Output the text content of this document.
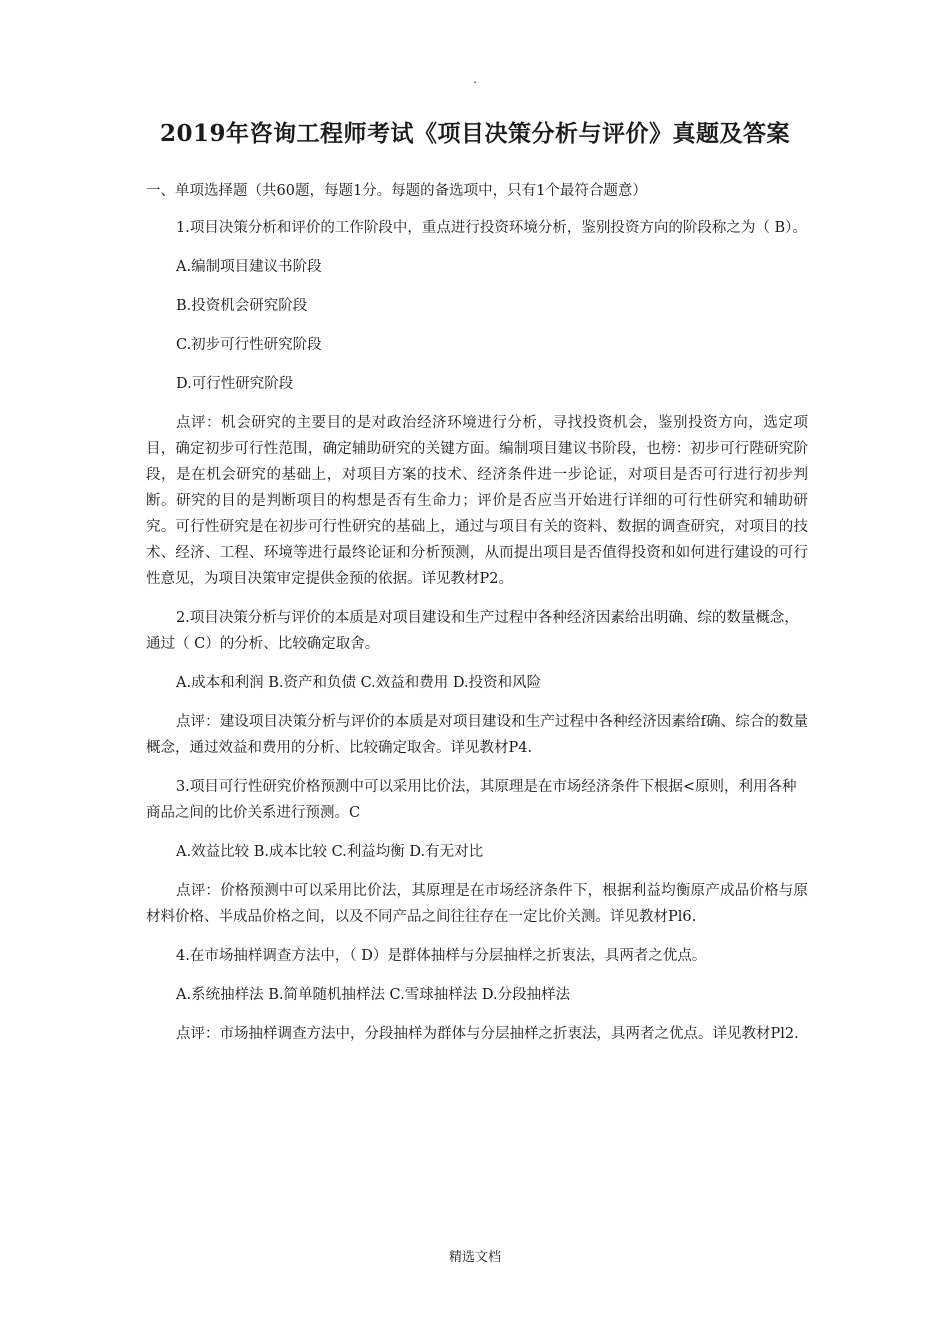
.
2019年咨询工程师考试《项目决策分析与评价》真题及答案

一、单项选择题（共60题，每题1分。每题的备选项中，只有1个最符合题意）

1.项目决策分析和评价的工作阶段中，重点进行投资环境分析，鉴别投资方向的阶段称之为（ B）。

A.编制项目建议书阶段

B.投资机会研究阶段

C.初步可行性研究阶段

D.可行性研究阶段

点评：机会研究的主要目的是对政治经济环境进行分析，寻找投资机会，鉴别投资方向，选定项目，确定初步可行性范围，确定辅助研究的关键方面。编制项目建议书阶段，也榜：初步可行陛研究阶段，是在机会研究的基础上，对项目方案的技术、经济条件进一步论证，对项目是否可行进行初步判断。研究的目的是判断项目的构想是否有生命力；评价是否应当开始进行详细的可行性研究和辅助研究。可行性研究是在初步可行性研究的基础上，通过与项目有关的资料、数据的调查研究，对项目的技术、经济、工程、环境等进行最终论证和分析预测，从而提出项目是否值得投资和如何进行建设的可行性意见，为项目决策审定提供金预的依据。详见教材P2。

2.项目决策分析与评价的本质是对项目建设和生产过程中各种经济因素给出明确、综的数量概念，通过（ C）的分析、比较确定取舍。

A.成本和利润 B.资产和负债 C.效益和费用 D.投资和风险

点评：建设项目决策分析与评价的本质是对项目建设和生产过程中各种经济因素给f确、综合的数量概念，通过效益和费用的分析、比较确定取舍。详见教材P4.

3.项目可行性研究价格预测中可以采用比价法，其原理是在市场经济条件下根据<原则，利用各种商品之间的比价关系进行预测。C

A.效益比较 B.成本比较 C.利益均衡 D.有无对比

点评：价格预测中可以采用比价法，其原理是在市场经济条件下，根据利益均衡原产成品价格与原材料价格、半成品价格之间，以及不同产品之间往往存在一定比价关测。详见教材Pl6.

4.在市场抽样调查方法中，（ D）是群体抽样与分层抽样之折衷法，具两者之优点。

A.系统抽样法 B.简单随机抽样法 C.雪球抽样法 D.分段抽样法

点评：市场抽样调查方法中，分段抽样为群体与分层抽样之折衷法，具两者之优点。详见教材Pl2.

精选文档
